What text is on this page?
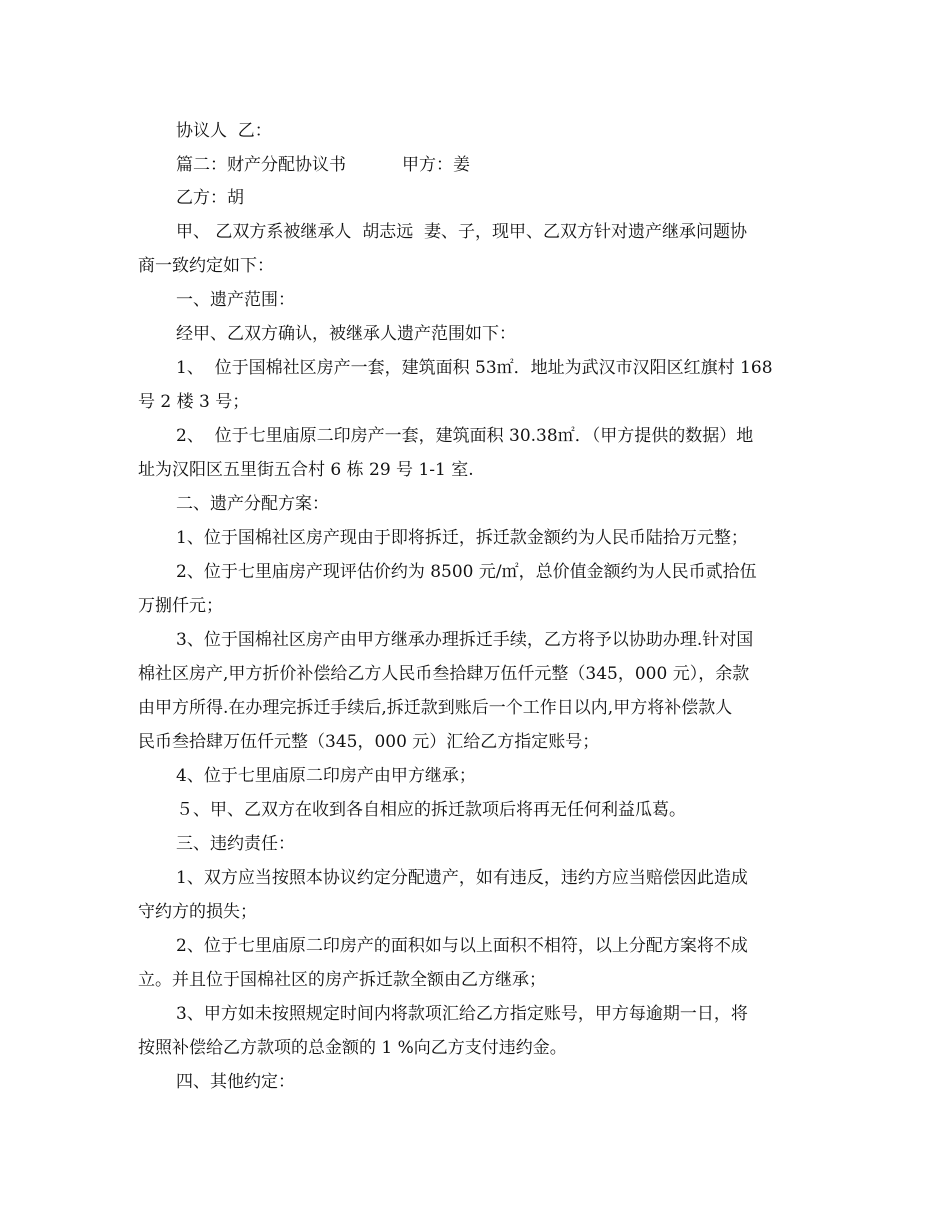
协议人  乙：
篇二：财产分配协议书	甲方：姜
乙方：胡
甲、 乙双方系被继承人  胡志远  妻、子，现甲、乙双方针对遗产继承问题协
商一致约定如下：
一、遗产范围：
经甲、乙双方确认，被继承人遗产范围如下：
1、  位于国棉社区房产一套，建筑面积 53㎡．地址为武汉市汉阳区红旗村 168
号 2 楼 3 号；
2、  位于七里庙原二印房产一套，建筑面积 30.38㎡．（甲方提供的数据）地
址为汉阳区五里街五合村 6 栋 29 号 1-1 室.
二、遗产分配方案：
1、位于国棉社区房产现由于即将拆迁，拆迁款金额约为人民币陆拾万元整；
2、位于七里庙房产现评估价约为 8500 元/㎡，总价值金额约为人民币贰拾伍
万捌仟元；
3、位于国棉社区房产由甲方继承办理拆迁手续，乙方将予以协助办理.针对国
棉社区房产,甲方折价补偿给乙方人民币叁拾肆万伍仟元整（345，000 元），余款
由甲方所得.在办理完拆迁手续后,拆迁款到账后一个工作日以内,甲方将补偿款人
民币叁拾肆万伍仟元整（345，000 元）汇给乙方指定账号；
4、位于七里庙原二印房产由甲方继承；
５、甲、乙双方在收到各自相应的拆迁款项后将再无任何利益瓜葛。
三、违约责任：
1、双方应当按照本协议约定分配遗产，如有违反，违约方应当赔偿因此造成
守约方的损失；
2、位于七里庙原二印房产的面积如与以上面积不相符，以上分配方案将不成
立。并且位于国棉社区的房产拆迁款全额由乙方继承；
3、甲方如未按照规定时间内将款项汇给乙方指定账号，甲方每逾期一日，将
按照补偿给乙方款项的总金额的 1 %向乙方支付违约金。
四、其他约定：
